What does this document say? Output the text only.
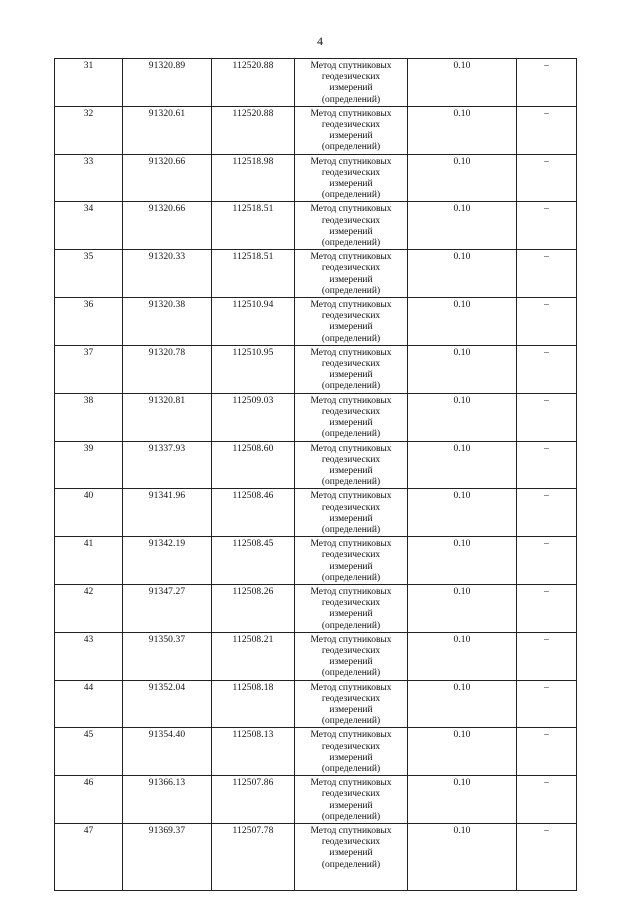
4
31	91320.89	112520.88	Метод спутниковых
геодезических
измерений
(определений)	0.10	–
32	91320.61	112520.88	Метод спутниковых
геодезических
измерений
(определений)	0.10	–
33	91320.66	112518.98	Метод спутниковых
геодезических
измерений
(определений)	0.10	–
34	91320.66	112518.51	Метод спутниковых
геодезических
измерений
(определений)	0.10	–
35	91320.33	112518.51	Метод спутниковых
геодезических
измерений
(определений)	0.10	–
36	91320.38	112510.94	Метод спутниковых
геодезических
измерений
(определений)	0.10	–
37	91320.78	112510.95	Метод спутниковых
геодезических
измерений
(определений)	0.10	–
38	91320.81	112509.03	Метод спутниковых
геодезических
измерений
(определений)	0.10	–
39	91337.93	112508.60	Метод спутниковых
геодезических
измерений
(определений)	0.10	–
40	91341.96	112508.46	Метод спутниковых
геодезических
измерений
(определений)	0.10	–
41	91342.19	112508.45	Метод спутниковых
геодезических
измерений
(определений)	0.10	–
42	91347.27	112508.26	Метод спутниковых
геодезических
измерений
(определений)	0.10	–
43	91350.37	112508.21	Метод спутниковых
геодезических
измерений
(определений)	0.10	–
44	91352.04	112508.18	Метод спутниковых
геодезических
измерений
(определений)	0.10	–
45	91354.40	112508.13	Метод спутниковых
геодезических
измерений
(определений)	0.10	–
46	91366.13	112507.86	Метод спутниковых
геодезических
измерений
(определений)	0.10	–
47	91369.37	112507.78	Метод спутниковых
геодезических
измерений
(определений)	0.10	–
